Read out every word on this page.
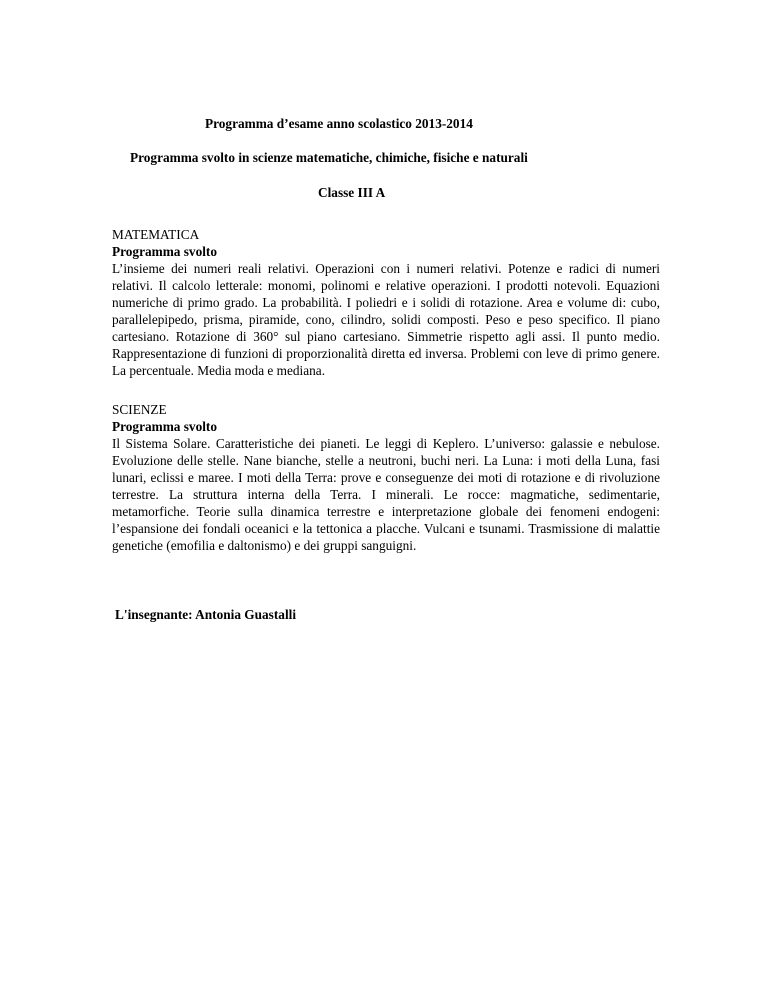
Programma d’esame anno scolastico 2013-2014
Programma svolto in scienze matematiche, chimiche, fisiche e naturali
Classe III A
MATEMATICA
Programma svolto
L’insieme dei numeri reali relativi. Operazioni con i numeri relativi. Potenze e radici di numeri relativi. Il calcolo letterale: monomi, polinomi e relative operazioni. I prodotti notevoli. Equazioni numeriche di primo grado. La probabilità. I poliedri e i solidi di rotazione. Area e volume di: cubo, parallelepipedo, prisma, piramide, cono, cilindro, solidi composti. Peso e peso specifico. Il piano cartesiano. Rotazione di 360° sul piano cartesiano. Simmetrie rispetto agli assi. Il punto medio. Rappresentazione di funzioni di proporzionalità diretta ed inversa. Problemi con leve di primo genere. La percentuale. Media moda e mediana.
SCIENZE
Programma svolto
Il Sistema Solare. Caratteristiche dei pianeti. Le leggi di Keplero. L’universo: galassie e nebulose. Evoluzione delle stelle. Nane bianche, stelle a neutroni, buchi neri. La Luna: i moti della Luna, fasi lunari, eclissi e maree. I moti della Terra: prove e conseguenze dei moti di rotazione e di rivoluzione terrestre. La struttura interna della Terra. I minerali. Le rocce: magmatiche, sedimentarie, metamorfiche. Teorie sulla dinamica terrestre e interpretazione globale dei fenomeni endogeni: l’espansione dei fondali oceanici e la tettonica a placche. Vulcani e tsunami. Trasmissione di malattie genetiche (emofilia e daltonismo) e dei gruppi sanguigni.
L'insegnante: Antonia Guastalli
